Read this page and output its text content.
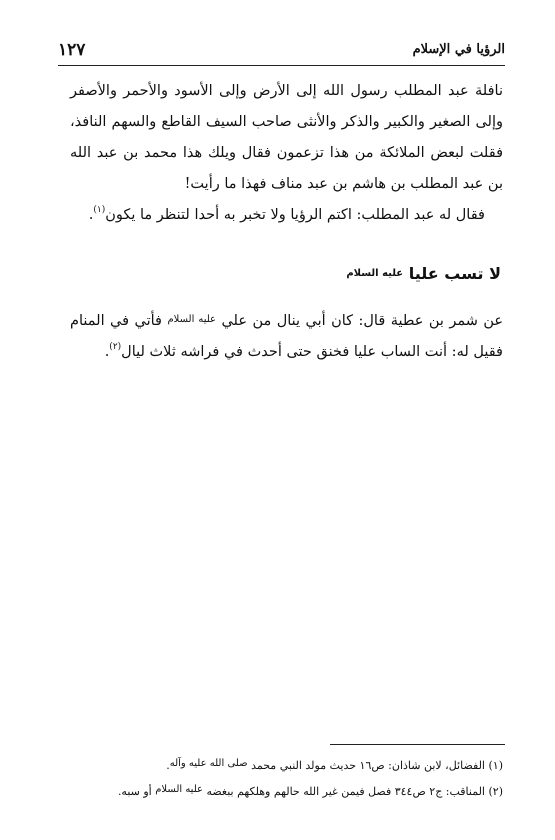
الرؤيا في الإسلام
١٢٧
نافلة عبد المطلب رسول الله إلى الأرض وإلى الأسود والأحمر والأصفر وإلى الصغير والكبير والذكر والأنثى صاحب السيف القاطع والسهم النافذ، فقلت لبعض الملائكة من هذا تزعمون فقال ويلك هذا محمد بن عبد الله بن عبد المطلب بن هاشم بن عبد مناف فهذا ما رأيت!
فقال له عبد المطلب: اكتم الرؤيا ولا تخبر به أحدا لتنظر ما يكون$^{(١)}$.
لا تسب عليا عليه السلام
عن شمر بن عطية قال: كان أبي ينال من علي $^{عليه السلام}$ فأتي في المنام فقيل له: أنت الساب عليا فخنق حتى أحدث في فراشه ثلاث ليال$^{(٢)}$.
(١) الفضائل، لابن شاذان: ص١٦ حديث مولد النبي محمد صلى الله عليه وآله.
(٢) المناقب: ج٢ ص٣٤٤ فصل فيمن غير الله حالهم وهلكهم ببغضه عليه السلام أو سبه.
